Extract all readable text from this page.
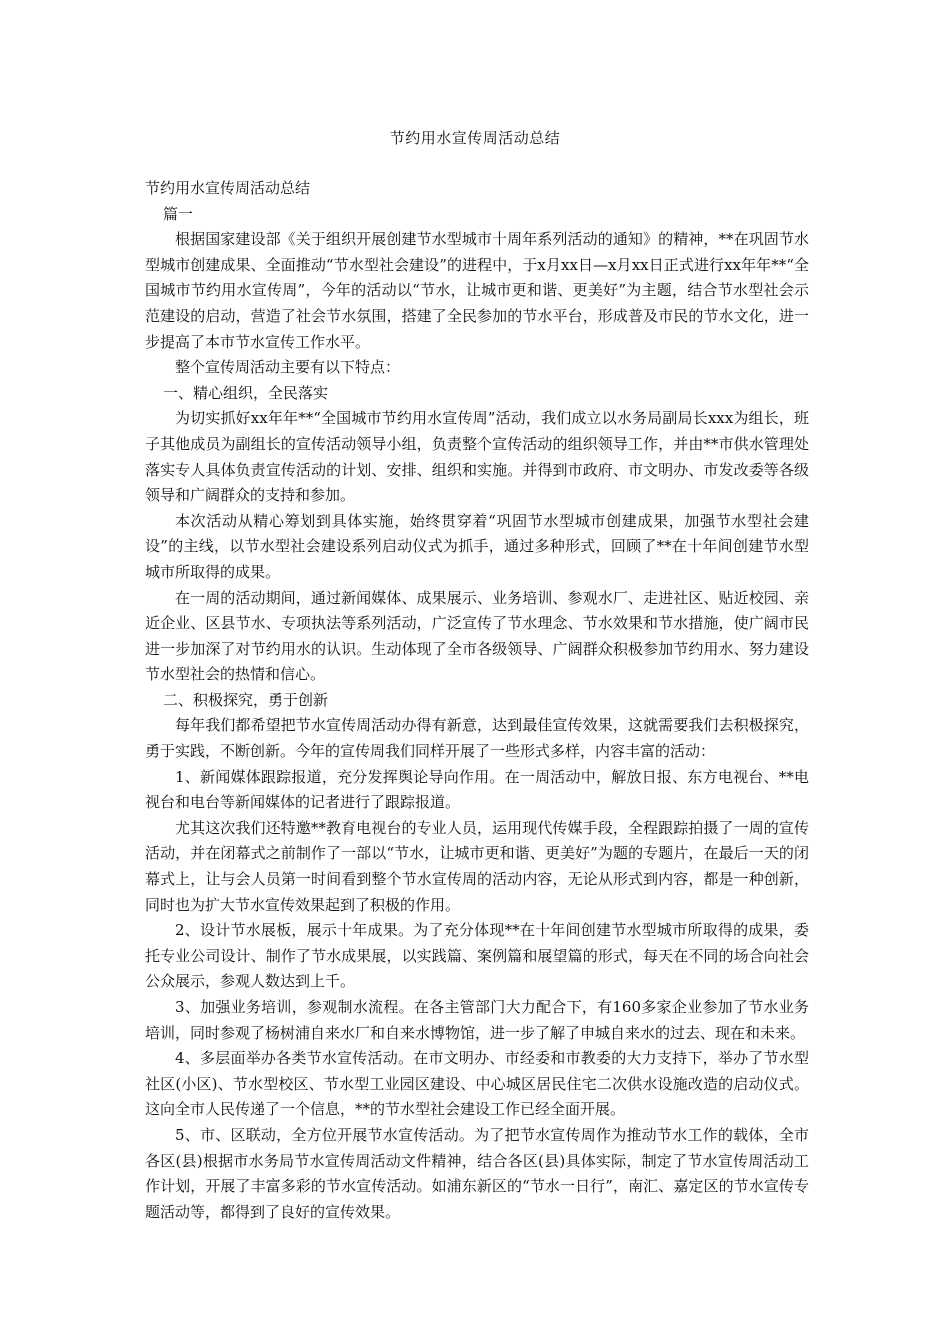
节约用水宣传周活动总结

节约用水宣传周活动总结

篇一

根据国家建设部《关于组织开展创建节水型城市十周年系列活动的通知》的精神，**在巩固节水型城市创建成果、全面推动“节水型社会建设”的进程中，于x月xx日—x月xx日正式进行xx年年**“全国城市节约用水宣传周”，今年的活动以“节水，让城市更和谐、更美好”为主题，结合节水型社会示范建设的启动，营造了社会节水氛围，搭建了全民参加的节水平台，形成普及市民的节水文化，进一步提高了本市节水宣传工作水平。

整个宣传周活动主要有以下特点：

一、精心组织，全民落实

为切实抓好xx年年**“全国城市节约用水宣传周”活动，我们成立以水务局副局长xxx为组长，班子其他成员为副组长的宣传活动领导小组，负责整个宣传活动的组织领导工作，并由**市供水管理处落实专人具体负责宣传活动的计划、安排、组织和实施。并得到市政府、市文明办、市发改委等各级领导和广阔群众的支持和参加。

本次活动从精心筹划到具体实施，始终贯穿着“巩固节水型城市创建成果，加强节水型社会建设”的主线，以节水型社会建设系列启动仪式为抓手，通过多种形式，回顾了**在十年间创建节水型城市所取得的成果。

在一周的活动期间，通过新闻媒体、成果展示、业务培训、参观水厂、走进社区、贴近校园、亲近企业、区县节水、专项执法等系列活动，广泛宣传了节水理念、节水效果和节水措施，使广阔市民进一步加深了对节约用水的认识。生动体现了全市各级领导、广阔群众积极参加节约用水、努力建设节水型社会的热情和信心。

二、积极探究，勇于创新

每年我们都希望把节水宣传周活动办得有新意，达到最佳宣传效果，这就需要我们去积极探究，勇于实践，不断创新。今年的宣传周我们同样开展了一些形式多样，内容丰富的活动：

1、新闻媒体跟踪报道，充分发挥舆论导向作用。在一周活动中，解放日报、东方电视台、**电视台和电台等新闻媒体的记者进行了跟踪报道。

尤其这次我们还特邀**教育电视台的专业人员，运用现代传媒手段，全程跟踪拍摄了一周的宣传活动，并在闭幕式之前制作了一部以“节水，让城市更和谐、更美好”为题的专题片，在最后一天的闭幕式上，让与会人员第一时间看到整个节水宣传周的活动内容，无论从形式到内容，都是一种创新，同时也为扩大节水宣传效果起到了积极的作用。

2、设计节水展板，展示十年成果。为了充分体现**在十年间创建节水型城市所取得的成果，委托专业公司设计、制作了节水成果展，以实践篇、案例篇和展望篇的形式，每天在不同的场合向社会公众展示，参观人数达到上千。

3、加强业务培训，参观制水流程。在各主管部门大力配合下，有160多家企业参加了节水业务培训，同时参观了杨树浦自来水厂和自来水博物馆，进一步了解了申城自来水的过去、现在和未来。

4、多层面举办各类节水宣传活动。在市文明办、市经委和市教委的大力支持下，举办了节水型社区(小区)、节水型校区、节水型工业园区建设、中心城区居民住宅二次供水设施改造的启动仪式。这向全市人民传递了一个信息，**的节水型社会建设工作已经全面开展。

5、市、区联动，全方位开展节水宣传活动。为了把节水宣传周作为推动节水工作的载体，全市各区(县)根据市水务局节水宣传周活动文件精神，结合各区(县)具体实际，制定了节水宣传周活动工作计划，开展了丰富多彩的节水宣传活动。如浦东新区的“节水一日行”，南汇、嘉定区的节水宣传专题活动等，都得到了良好的宣传效果。
